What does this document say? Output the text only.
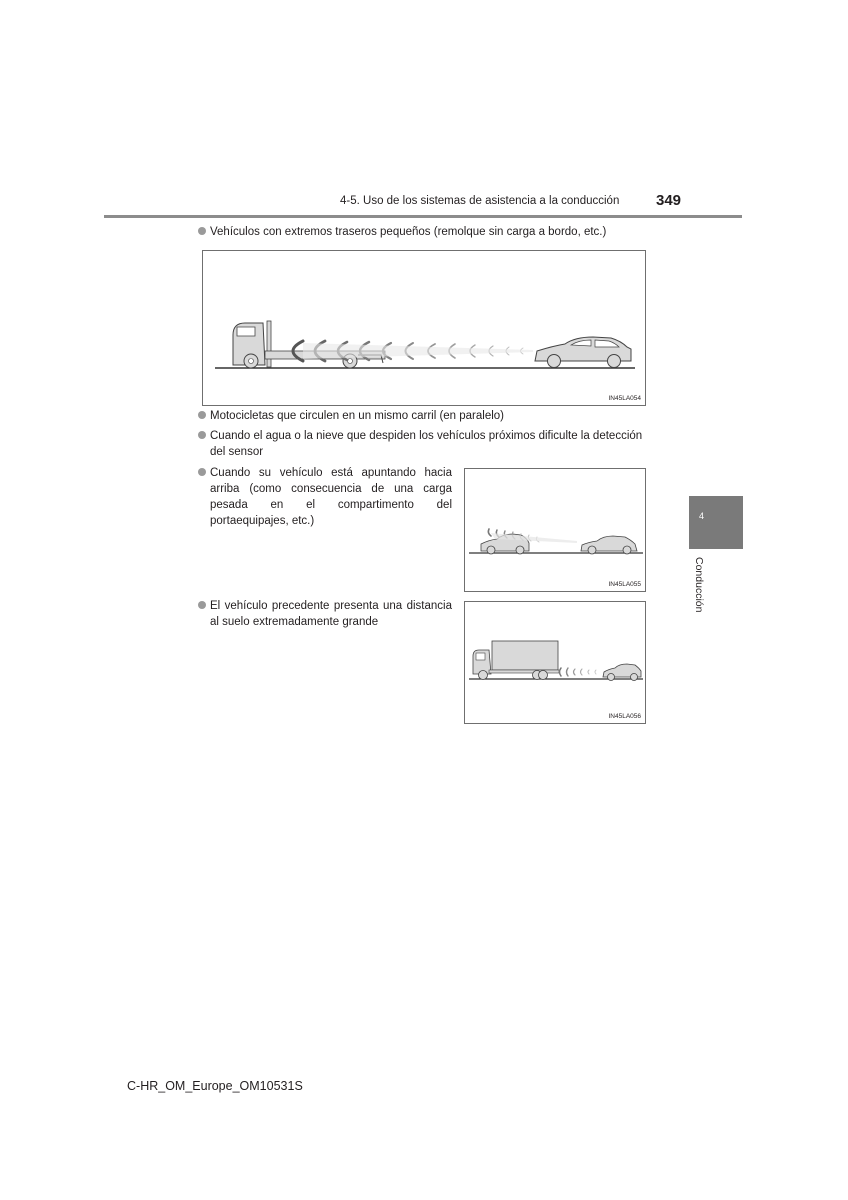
4-5. Uso de los sistemas de asistencia a la conducción 349
Vehículos con extremos traseros pequeños (remolque sin carga a bordo, etc.)
IN45LA054
Motocicletas que circulen en un mismo carril (en paralelo)
Cuando el agua o la nieve que despiden los vehículos próximos dificulte la detección
del sensor
Cuando su vehículo está apuntando hacia arriba (como consecuencia de una carga pesada en el compartimento del portaequipajes, etc.)
IN45LA055
El vehículo precedente presenta una distancia al suelo extremadamente grande
IN45LA056
4
Conducción
C-HR_OM_Europe_OM10531S
